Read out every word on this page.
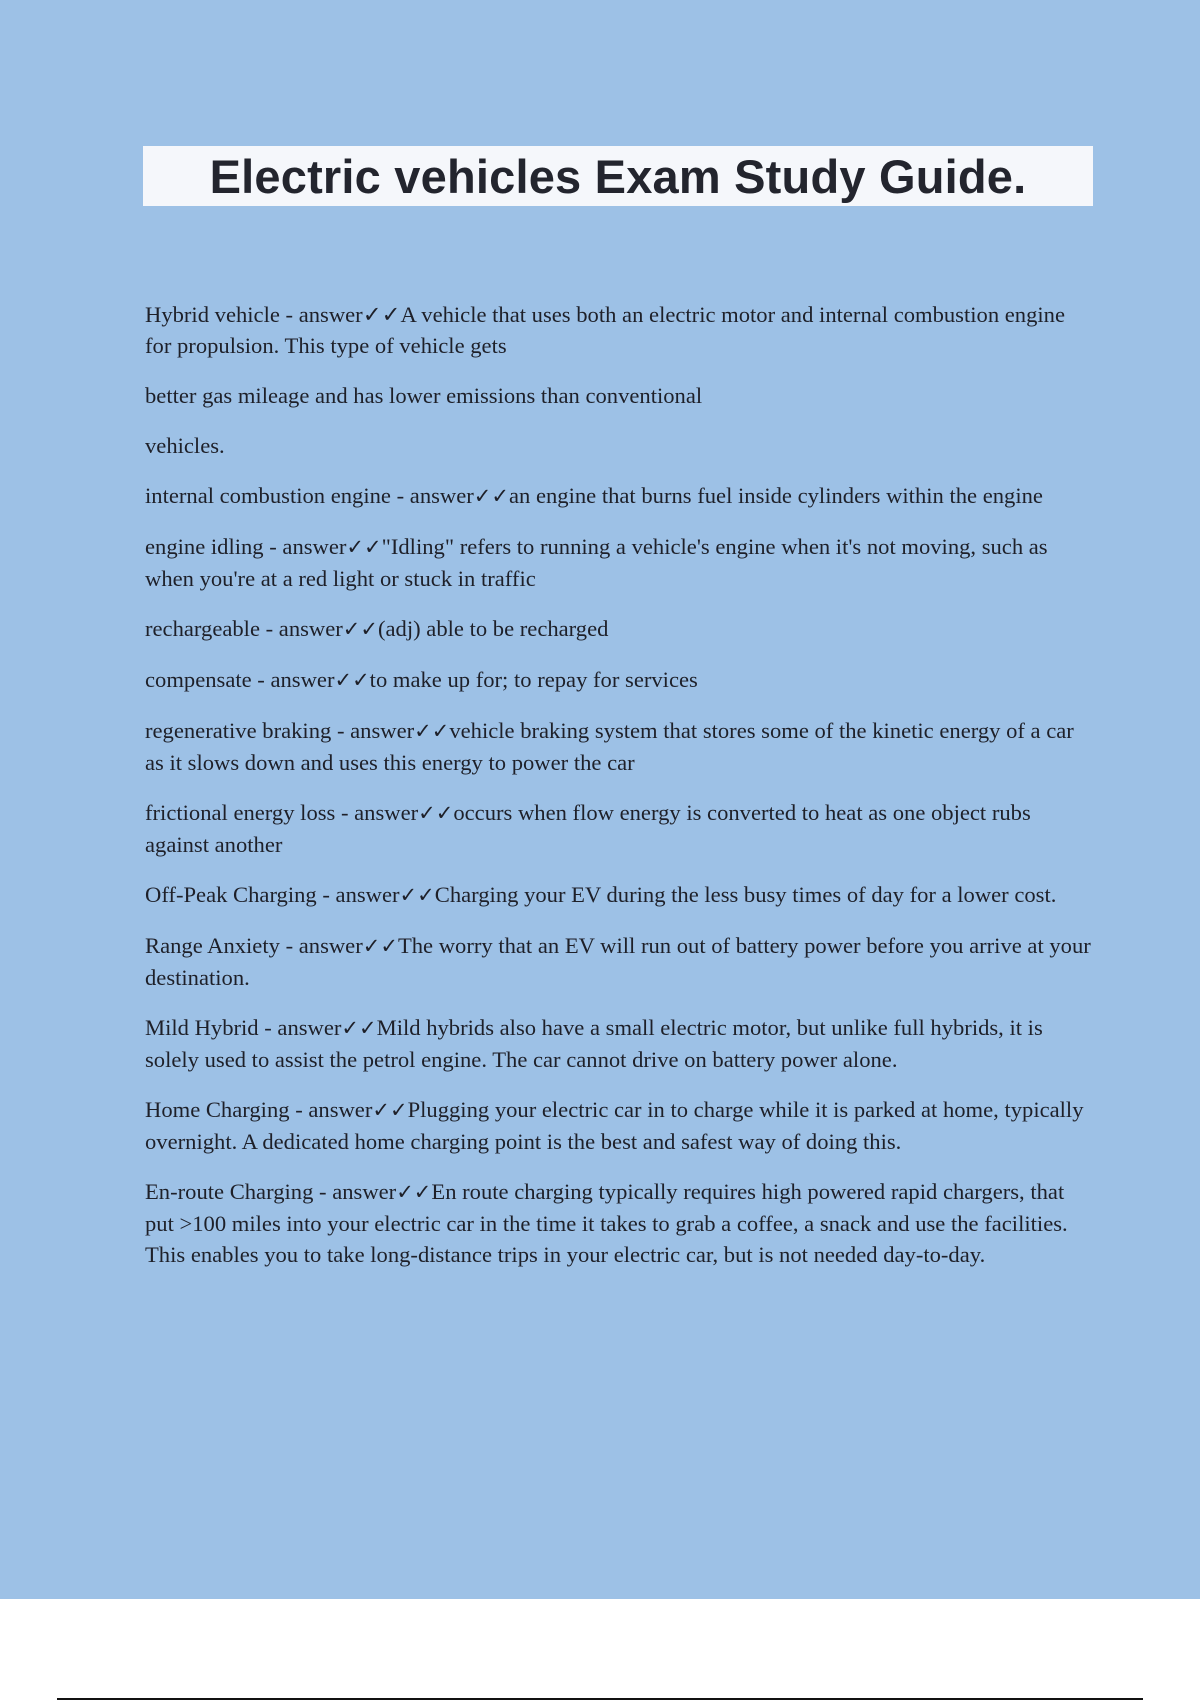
Electric vehicles Exam Study Guide.

Hybrid vehicle - answer✓✓A vehicle that uses both an electric motor and internal combustion engine for propulsion. This type of vehicle gets

better gas mileage and has lower emissions than conventional

vehicles.

internal combustion engine - answer✓✓an engine that burns fuel inside cylinders within the engine

engine idling - answer✓✓"Idling" refers to running a vehicle's engine when it's not moving, such as when you're at a red light or stuck in traffic

rechargeable - answer✓✓(adj) able to be recharged

compensate - answer✓✓to make up for; to repay for services

regenerative braking - answer✓✓vehicle braking system that stores some of the kinetic energy of a car as it slows down and uses this energy to power the car

frictional energy loss - answer✓✓occurs when flow energy is converted to heat as one object rubs against another

Off-Peak Charging - answer✓✓Charging your EV during the less busy times of day for a lower cost.

Range Anxiety - answer✓✓The worry that an EV will run out of battery power before you arrive at your destination.

Mild Hybrid - answer✓✓Mild hybrids also have a small electric motor, but unlike full hybrids, it is solely used to assist the petrol engine. The car cannot drive on battery power alone.

Home Charging - answer✓✓Plugging your electric car in to charge while it is parked at home, typically overnight. A dedicated home charging point is the best and safest way of doing this.

En-route Charging - answer✓✓En route charging typically requires high powered rapid chargers, that put >100 miles into your electric car in the time it takes to grab a coffee, a snack and use the facilities. This enables you to take long-distance trips in your electric car, but is not needed day-to-day.
